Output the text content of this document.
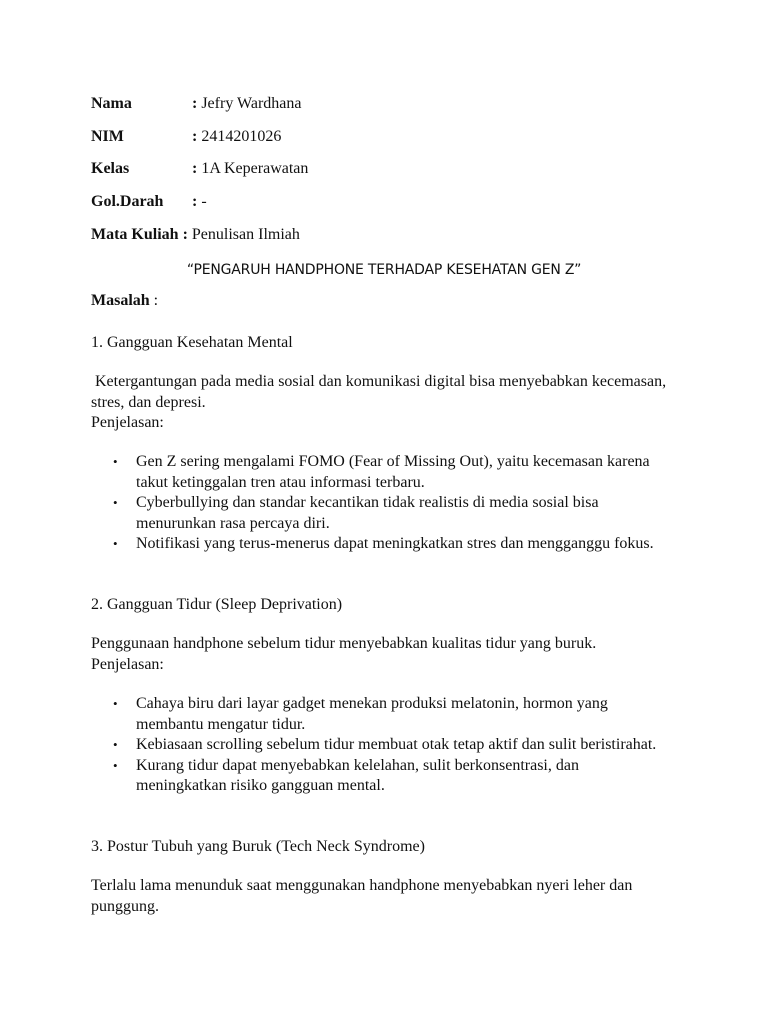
Nama	: Jefry Wardhana
NIM	: 2414201026
Kelas	: 1A Keperawatan
Gol.Darah : -
Mata Kuliah : Penulisan Ilmiah
“PENGARUH HANDPHONE TERHADAP KESEHATAN GEN Z”
Masalah :
1. Gangguan Kesehatan Mental
Ketergantungan pada media sosial dan komunikasi digital bisa menyebabkan kecemasan, stres, dan depresi.
Penjelasan:
• Gen Z sering mengalami FOMO (Fear of Missing Out), yaitu kecemasan karena takut ketinggalan tren atau informasi terbaru.
• Cyberbullying dan standar kecantikan tidak realistis di media sosial bisa menurunkan rasa percaya diri.
• Notifikasi yang terus-menerus dapat meningkatkan stres dan mengganggu fokus.
2. Gangguan Tidur (Sleep Deprivation)
Penggunaan handphone sebelum tidur menyebabkan kualitas tidur yang buruk.
Penjelasan:
• Cahaya biru dari layar gadget menekan produksi melatonin, hormon yang membantu mengatur tidur.
• Kebiasaan scrolling sebelum tidur membuat otak tetap aktif dan sulit beristirahat.
• Kurang tidur dapat menyebabkan kelelahan, sulit berkonsentrasi, dan meningkatkan risiko gangguan mental.
3. Postur Tubuh yang Buruk (Tech Neck Syndrome)
Terlalu lama menunduk saat menggunakan handphone menyebabkan nyeri leher dan punggung.
